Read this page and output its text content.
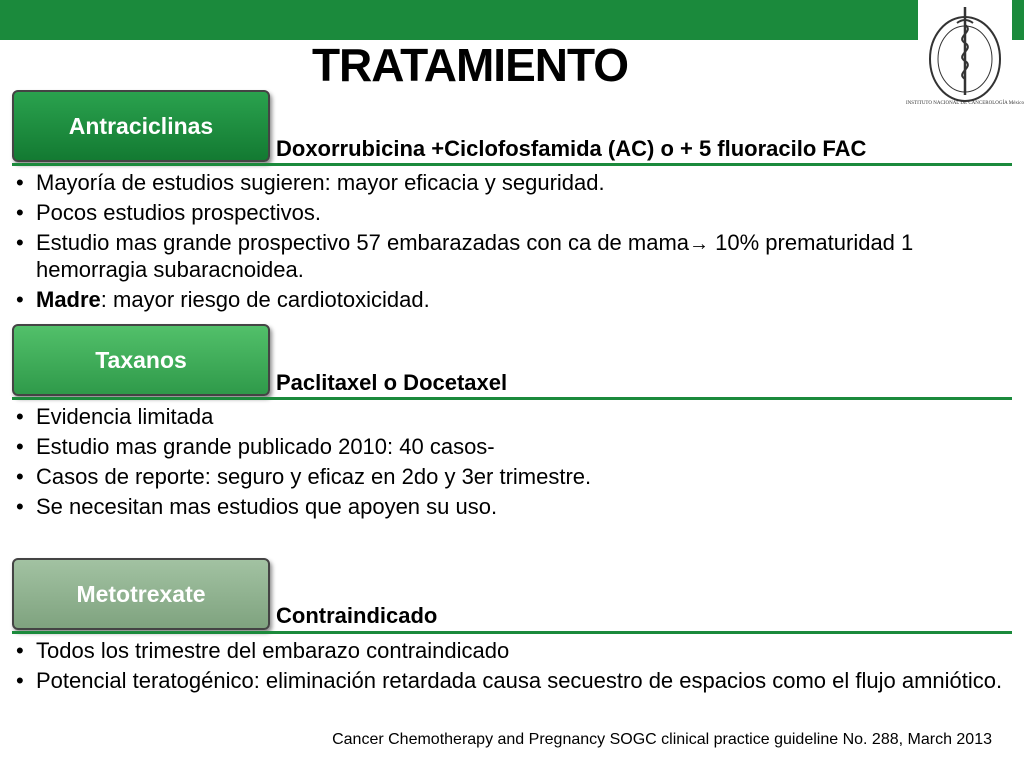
INSTITUTO NACIONAL DE CANCEROLOGÍA México
TRATAMIENTO
Antraciclinas
Doxorrubicina +Ciclofosfamida (AC) o + 5 fluoracilo FAC
• Mayoría de estudios sugieren: mayor eficacia y seguridad.
• Pocos estudios prospectivos.
• Estudio mas grande prospectivo 57 embarazadas con ca de mama→ 10% prematuridad 1 hemorragia subaracnoidea.
• Madre: mayor riesgo de cardiotoxicidad.
Taxanos
Paclitaxel o Docetaxel
• Evidencia limitada
• Estudio mas grande publicado 2010: 40 casos-
• Casos de reporte: seguro y eficaz en 2do y 3er trimestre.
• Se necesitan mas estudios que apoyen su uso.
Metotrexate
Contraindicado
• Todos los trimestre del embarazo contraindicado
• Potencial teratogénico: eliminación retardada causa secuestro de espacios como el flujo amniótico.
Cancer Chemotherapy and Pregnancy SOGC clinical practice guideline No. 288, March 2013
